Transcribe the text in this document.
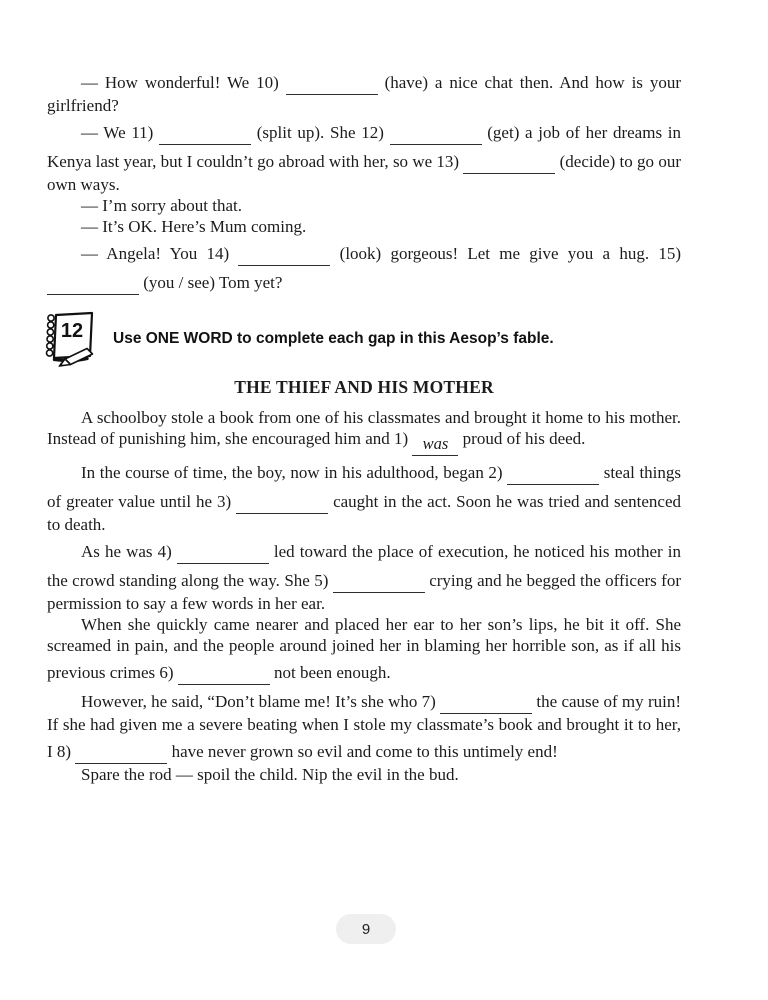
— How wonderful! We 10)	(have) a nice chat then. And how is your girlfriend?

— We 11)	(split up). She 12)	(get) a job of her dreams in Kenya last year, but I couldn’t go abroad with her, so we 13)	(decide) to go our own ways.

— I’m sorry about that.

— It’s OK. Here’s Mum coming.

— Angela! You 14)	(look) gorgeous! Let me give you a hug. 15)  (you / see) Tom yet?

12 Use ONE WORD to complete each gap in this Aesop’s fable.
THE THIEF AND HIS MOTHER

A schoolboy stole a book from one of his classmates and brought it home to his mother. Instead of punishing him, she encouraged him and 1) was proud of his deed.

In the course of time, the boy, now in his adulthood, began 2)	steal things of greater value until he 3)	caught in the act. Soon he was tried and sentenced to death.

As he was 4)	led toward the place of execution, he noticed his mother in the crowd standing along the way. She 5)	crying and he begged the officers for permission to say a few words in her ear.

When she quickly came nearer and placed her ear to her son’s lips, he bit it off. She screamed in pain, and the people around joined her in blaming her horrible son, as if all his previous crimes 6)	not been enough.

However, he said, “Don’t blame me! It’s she who 7)	the cause of my ruin! If she had given me a severe beating when I stole my classmate’s book and brought it to her, I 8)	have never grown so evil and come to this untimely end!

Spare the rod — spoil the child. Nip the evil in the bud.

9
